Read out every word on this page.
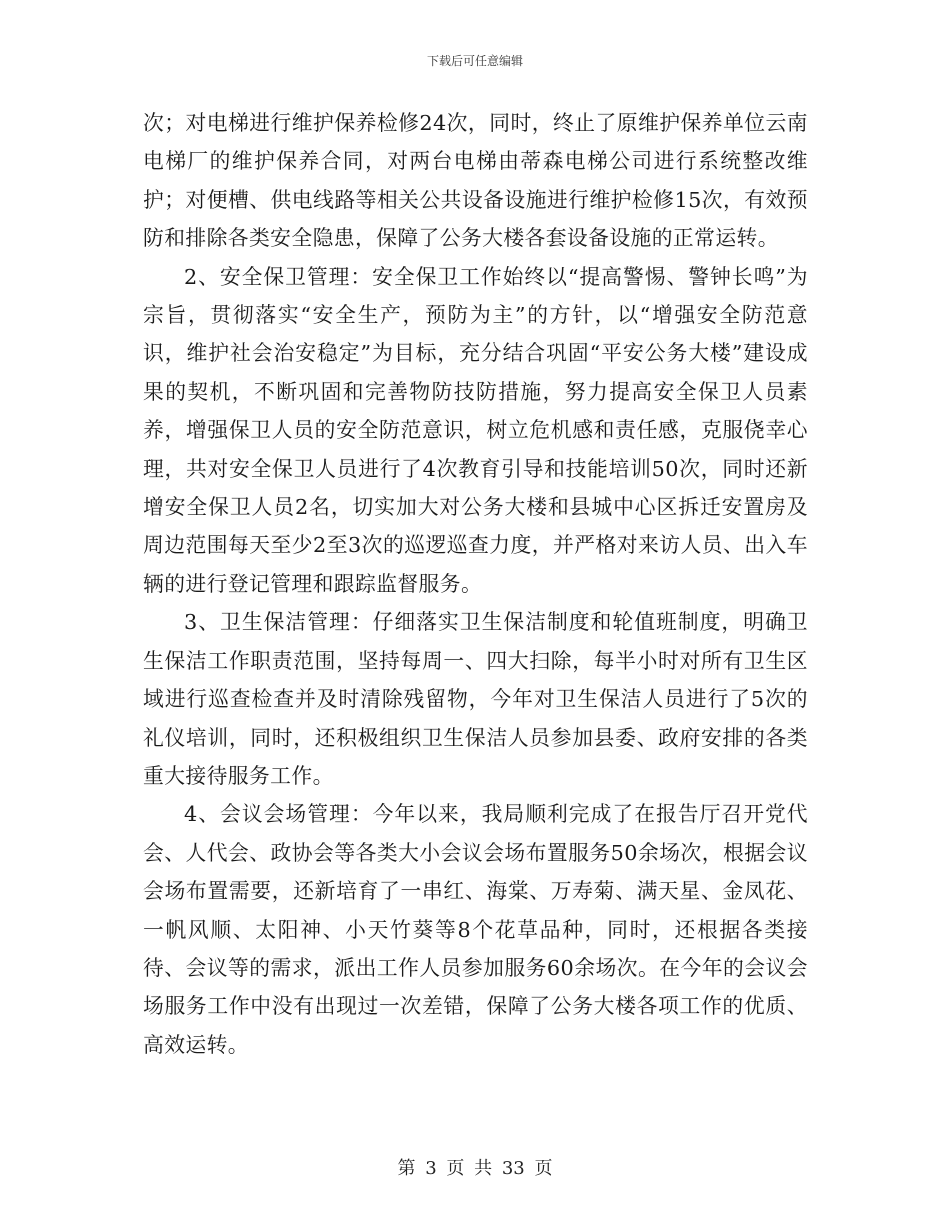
下载后可任意编辑

次；对电梯进行维护保养检修24次，同时，终止了原维护保养单位云南电梯厂的维护保养合同，对两台电梯由蒂森电梯公司进行系统整改维护；对便槽、供电线路等相关公共设备设施进行维护检修15次，有效预防和排除各类安全隐患，保障了公务大楼各套设备设施的正常运转。

2、安全保卫管理：安全保卫工作始终以“提高警惕、警钟长鸣”为宗旨，贯彻落实“安全生产，预防为主”的方针，以“增强安全防范意识，维护社会治安稳定”为目标，充分结合巩固“平安公务大楼”建设成果的契机，不断巩固和完善物防技防措施，努力提高安全保卫人员素养，增强保卫人员的安全防范意识，树立危机感和责任感，克服侥幸心理，共对安全保卫人员进行了4次教育引导和技能培训50次，同时还新增安全保卫人员2名，切实加大对公务大楼和县城中心区拆迁安置房及周边范围每天至少2至3次的巡逻巡查力度，并严格对来访人员、出入车辆的进行登记管理和跟踪监督服务。

3、卫生保洁管理：仔细落实卫生保洁制度和轮值班制度，明确卫生保洁工作职责范围，坚持每周一、四大扫除，每半小时对所有卫生区域进行巡查检查并及时清除残留物，今年对卫生保洁人员进行了5次的礼仪培训，同时，还积极组织卫生保洁人员参加县委、政府安排的各类重大接待服务工作。

4、会议会场管理：今年以来，我局顺利完成了在报告厅召开党代会、人代会、政协会等各类大小会议会场布置服务50余场次，根据会议会场布置需要，还新培育了一串红、海棠、万寿菊、满天星、金凤花、一帆风顺、太阳神、小天竹葵等8个花草品种，同时，还根据各类接待、会议等的需求，派出工作人员参加服务60余场次。在今年的会议会场服务工作中没有出现过一次差错，保障了公务大楼各项工作的优质、高效运转。

第 3 页 共 33 页
